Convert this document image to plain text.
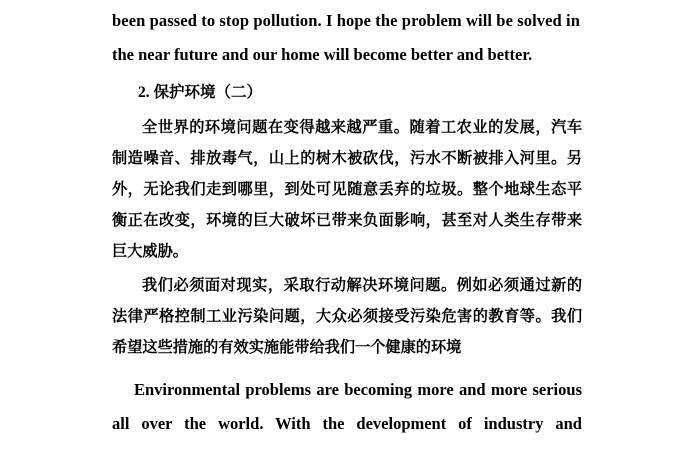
been passed to stop pollution. I hope the problem will be solved in

the near future and our home will become better and better.

2. 保护环境（二）

全世界的环境问题在变得越来越严重。随着工农业的发展，汽车制造噪音、排放毒气，山上的树木被砍伐，污水不断被排入河里。另外，无论我们走到哪里，到处可见随意丢弃的垃圾。整个地球生态平衡正在改变，环境的巨大破坏已带来负面影响，甚至对人类生存带来巨大威胁。

我们必须面对现实，采取行动解决环境问题。例如必须通过新的法律严格控制工业污染问题，大众必须接受污染危害的教育等。我们希望这些措施的有效实施能带给我们一个健康的环境

Environmental problems are becoming more and more serious

all over the world. With the development of industry and
